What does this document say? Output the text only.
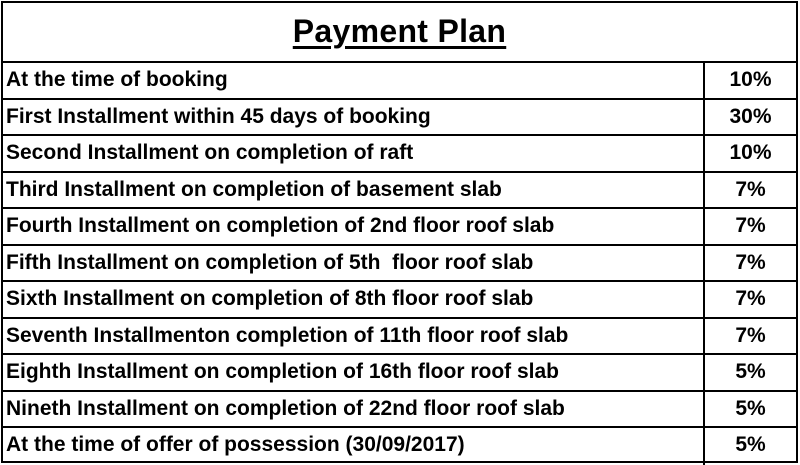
Payment Plan
At the time of booking	10%
First Installment within 45 days of booking	30%
Second Installment on completion of raft	10%
Third Installment on completion of basement slab	7%
Fourth Installment on completion of 2nd floor roof slab	7%
Fifth Installment on completion of 5th  floor roof slab	7%
Sixth Installment on completion of 8th floor roof slab	7%
Seventh Installmenton completion of 11th floor roof slab	7%
Eighth Installment on completion of 16th floor roof slab	5%
Nineth Installment on completion of 22nd floor roof slab	5%
At the time of offer of possession (30/09/2017)	5%
